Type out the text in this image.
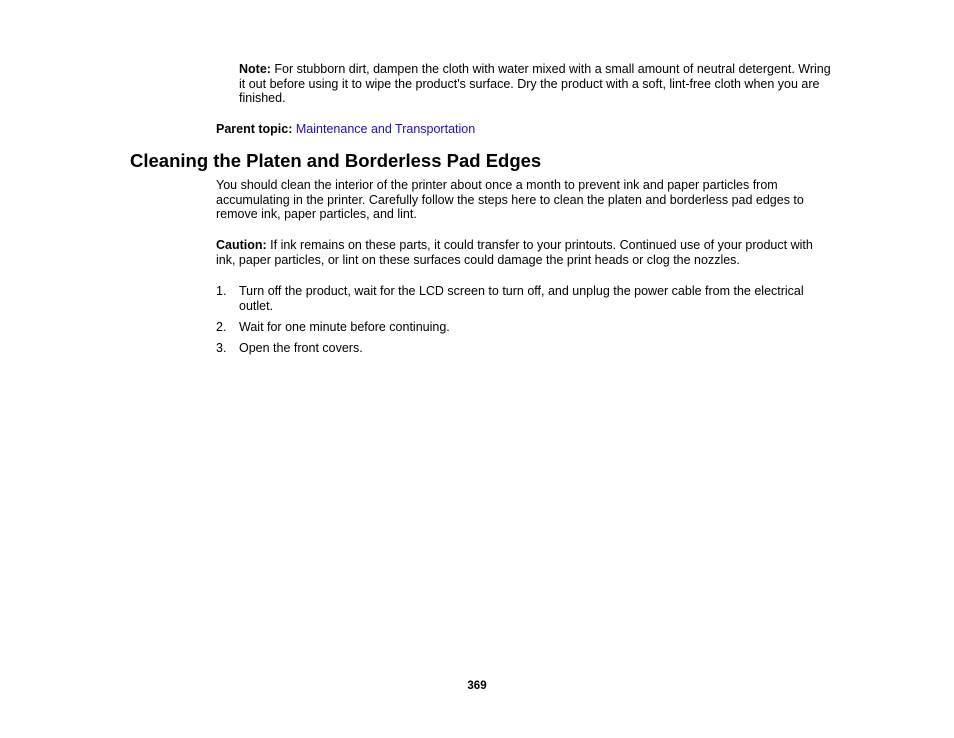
Note: For stubborn dirt, dampen the cloth with water mixed with a small amount of neutral detergent. Wring it out before using it to wipe the product's surface. Dry the product with a soft, lint-free cloth when you are finished.
Parent topic: Maintenance and Transportation
Cleaning the Platen and Borderless Pad Edges

You should clean the interior of the printer about once a month to prevent ink and paper particles from accumulating in the printer. Carefully follow the steps here to clean the platen and borderless pad edges to remove ink, paper particles, and lint.

Caution: If ink remains on these parts, it could transfer to your printouts. Continued use of your product with ink, paper particles, or lint on these surfaces could damage the print heads or clog the nozzles.

1. Turn off the product, wait for the LCD screen to turn off, and unplug the power cable from the electrical outlet.
2. Wait for one minute before continuing.
3. Open the front covers.
369
